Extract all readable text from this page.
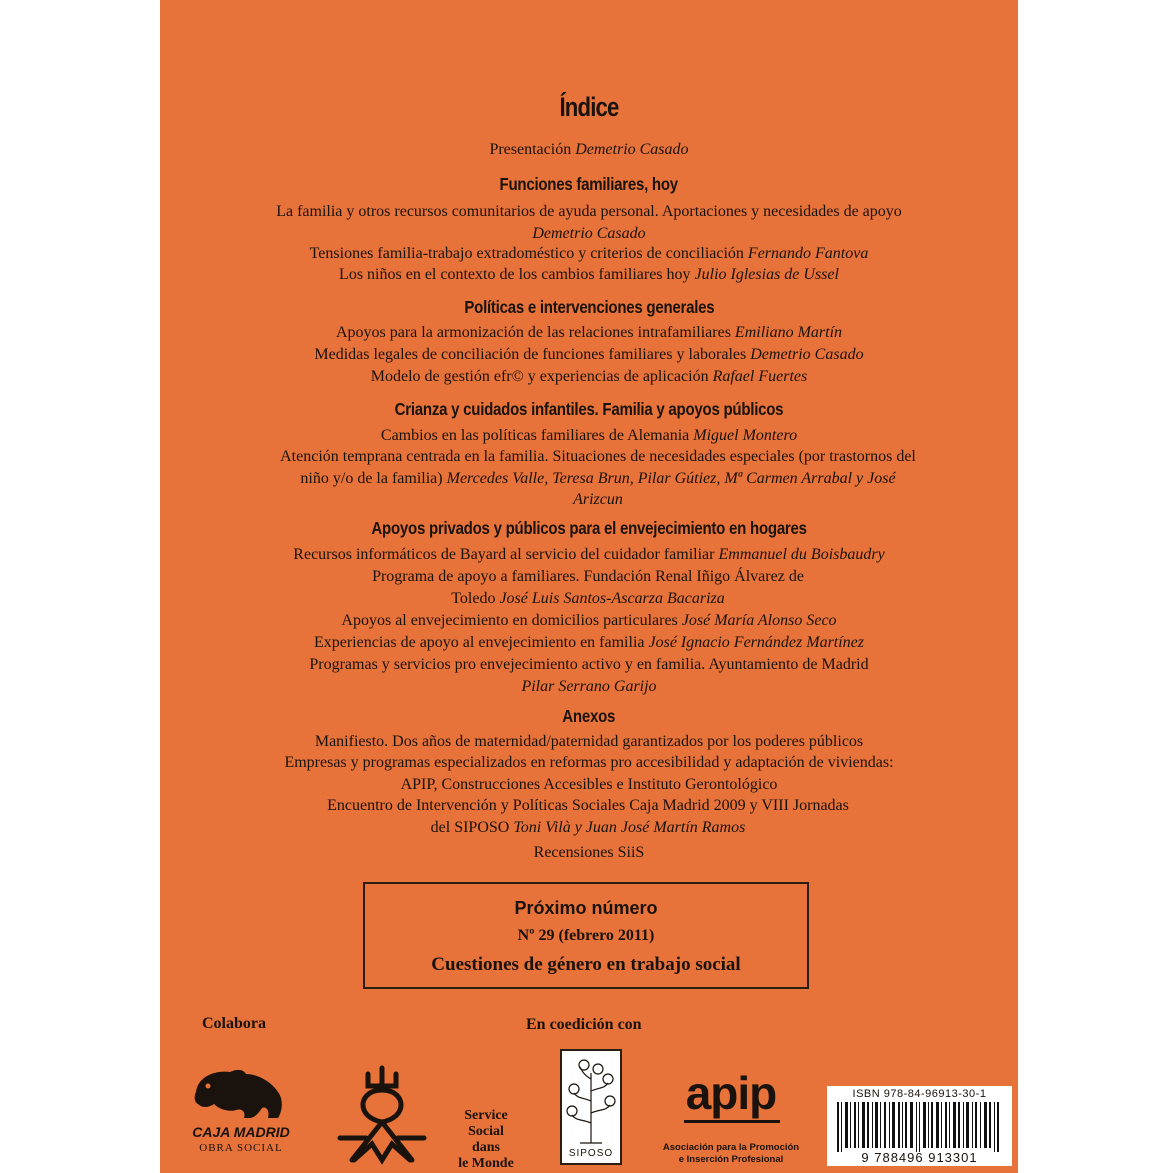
Índice
Presentación Demetrio Casado
Funciones familiares, hoy
La familia y otros recursos comunitarios de ayuda personal. Aportaciones y necesidades de apoyo Demetrio Casado
Tensiones familia-trabajo extradoméstico y criterios de conciliación Fernando Fantova
Los niños en el contexto de los cambios familiares hoy Julio Iglesias de Ussel
Políticas e intervenciones generales
Apoyos para la armonización de las relaciones intrafamiliares Emiliano Martín
Medidas legales de conciliación de funciones familiares y laborales Demetrio Casado
Modelo de gestión efr© y experiencias de aplicación Rafael Fuertes
Crianza y cuidados infantiles. Familia y apoyos públicos
Cambios en las políticas familiares de Alemania Miguel Montero
Atención temprana centrada en la familia. Situaciones de necesidades especiales (por trastornos del niño y/o de la familia) Mercedes Valle, Teresa Brun, Pilar Gútiez, Mª Carmen Arrabal y José Arizcun
Apoyos privados y públicos para el envejecimiento en hogares
Recursos informáticos de Bayard al servicio del cuidador familiar Emmanuel du Boisbaudry
Programa de apoyo a familiares. Fundación Renal Iñigo Álvarez de Toledo José Luis Santos-Ascarza Bacariza
Apoyos al envejecimiento en domicilios particulares José María Alonso Seco
Experiencias de apoyo al envejecimiento en familia José Ignacio Fernández Martínez
Programas y servicios pro envejecimiento activo y en familia. Ayuntamiento de Madrid Pilar Serrano Garijo
Anexos
Manifiesto. Dos años de maternidad/paternidad garantizados por los poderes públicos
Empresas y programas especializados en reformas pro accesibilidad y adaptación de viviendas: APIP, Construcciones Accesibles e Instituto Gerontológico
Encuentro de Intervención y Políticas Sociales Caja Madrid 2009 y VIII Jornadas del SIPOSO Toni Vilà y Juan José Martín Ramos
Recensiones SiiS
Próximo número
Nº 29 (febrero 2011)
Cuestiones de género en trabajo social
Colabora	En coedición con
CAJA MADRID
OBRA SOCIAL
Service Social
dans
le Monde
SIPOSO
apip
Asociación para la Promoción
e Inserción Profesional
ISBN 978-84-96913-30-1
9 788496 913301
